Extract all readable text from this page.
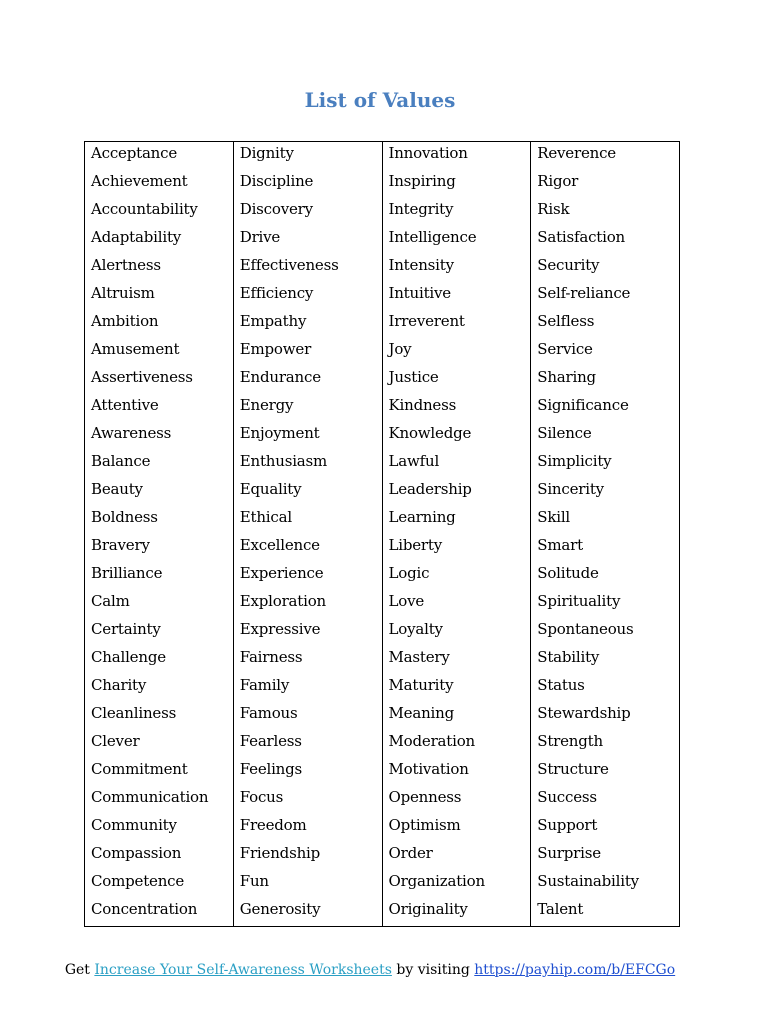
List of Values
Acceptance
Achievement
Accountability
Adaptability
Alertness
Altruism
Ambition
Amusement
Assertiveness
Attentive
Awareness
Balance
Beauty
Boldness
Bravery
Brilliance
Calm
Certainty
Challenge
Charity
Cleanliness
Clever
Commitment
Communication
Community
Compassion
Competence
Concentration
Dignity
Discipline
Discovery
Drive
Effectiveness
Efficiency
Empathy
Empower
Endurance
Energy
Enjoyment
Enthusiasm
Equality
Ethical
Excellence
Experience
Exploration
Expressive
Fairness
Family
Famous
Fearless
Feelings
Focus
Freedom
Friendship
Fun
Generosity
Innovation
Inspiring
Integrity
Intelligence
Intensity
Intuitive
Irreverent
Joy
Justice
Kindness
Knowledge
Lawful
Leadership
Learning
Liberty
Logic
Love
Loyalty
Mastery
Maturity
Meaning
Moderation
Motivation
Openness
Optimism
Order
Organization
Originality
Reverence
Rigor
Risk
Satisfaction
Security
Self-reliance
Selfless
Service
Sharing
Significance
Silence
Simplicity
Sincerity
Skill
Smart
Solitude
Spirituality
Spontaneous
Stability
Status
Stewardship
Strength
Structure
Success
Support
Surprise
Sustainability
Talent
Get Increase Your Self-Awareness Worksheets by visiting https://payhip.com/b/EFCGo
